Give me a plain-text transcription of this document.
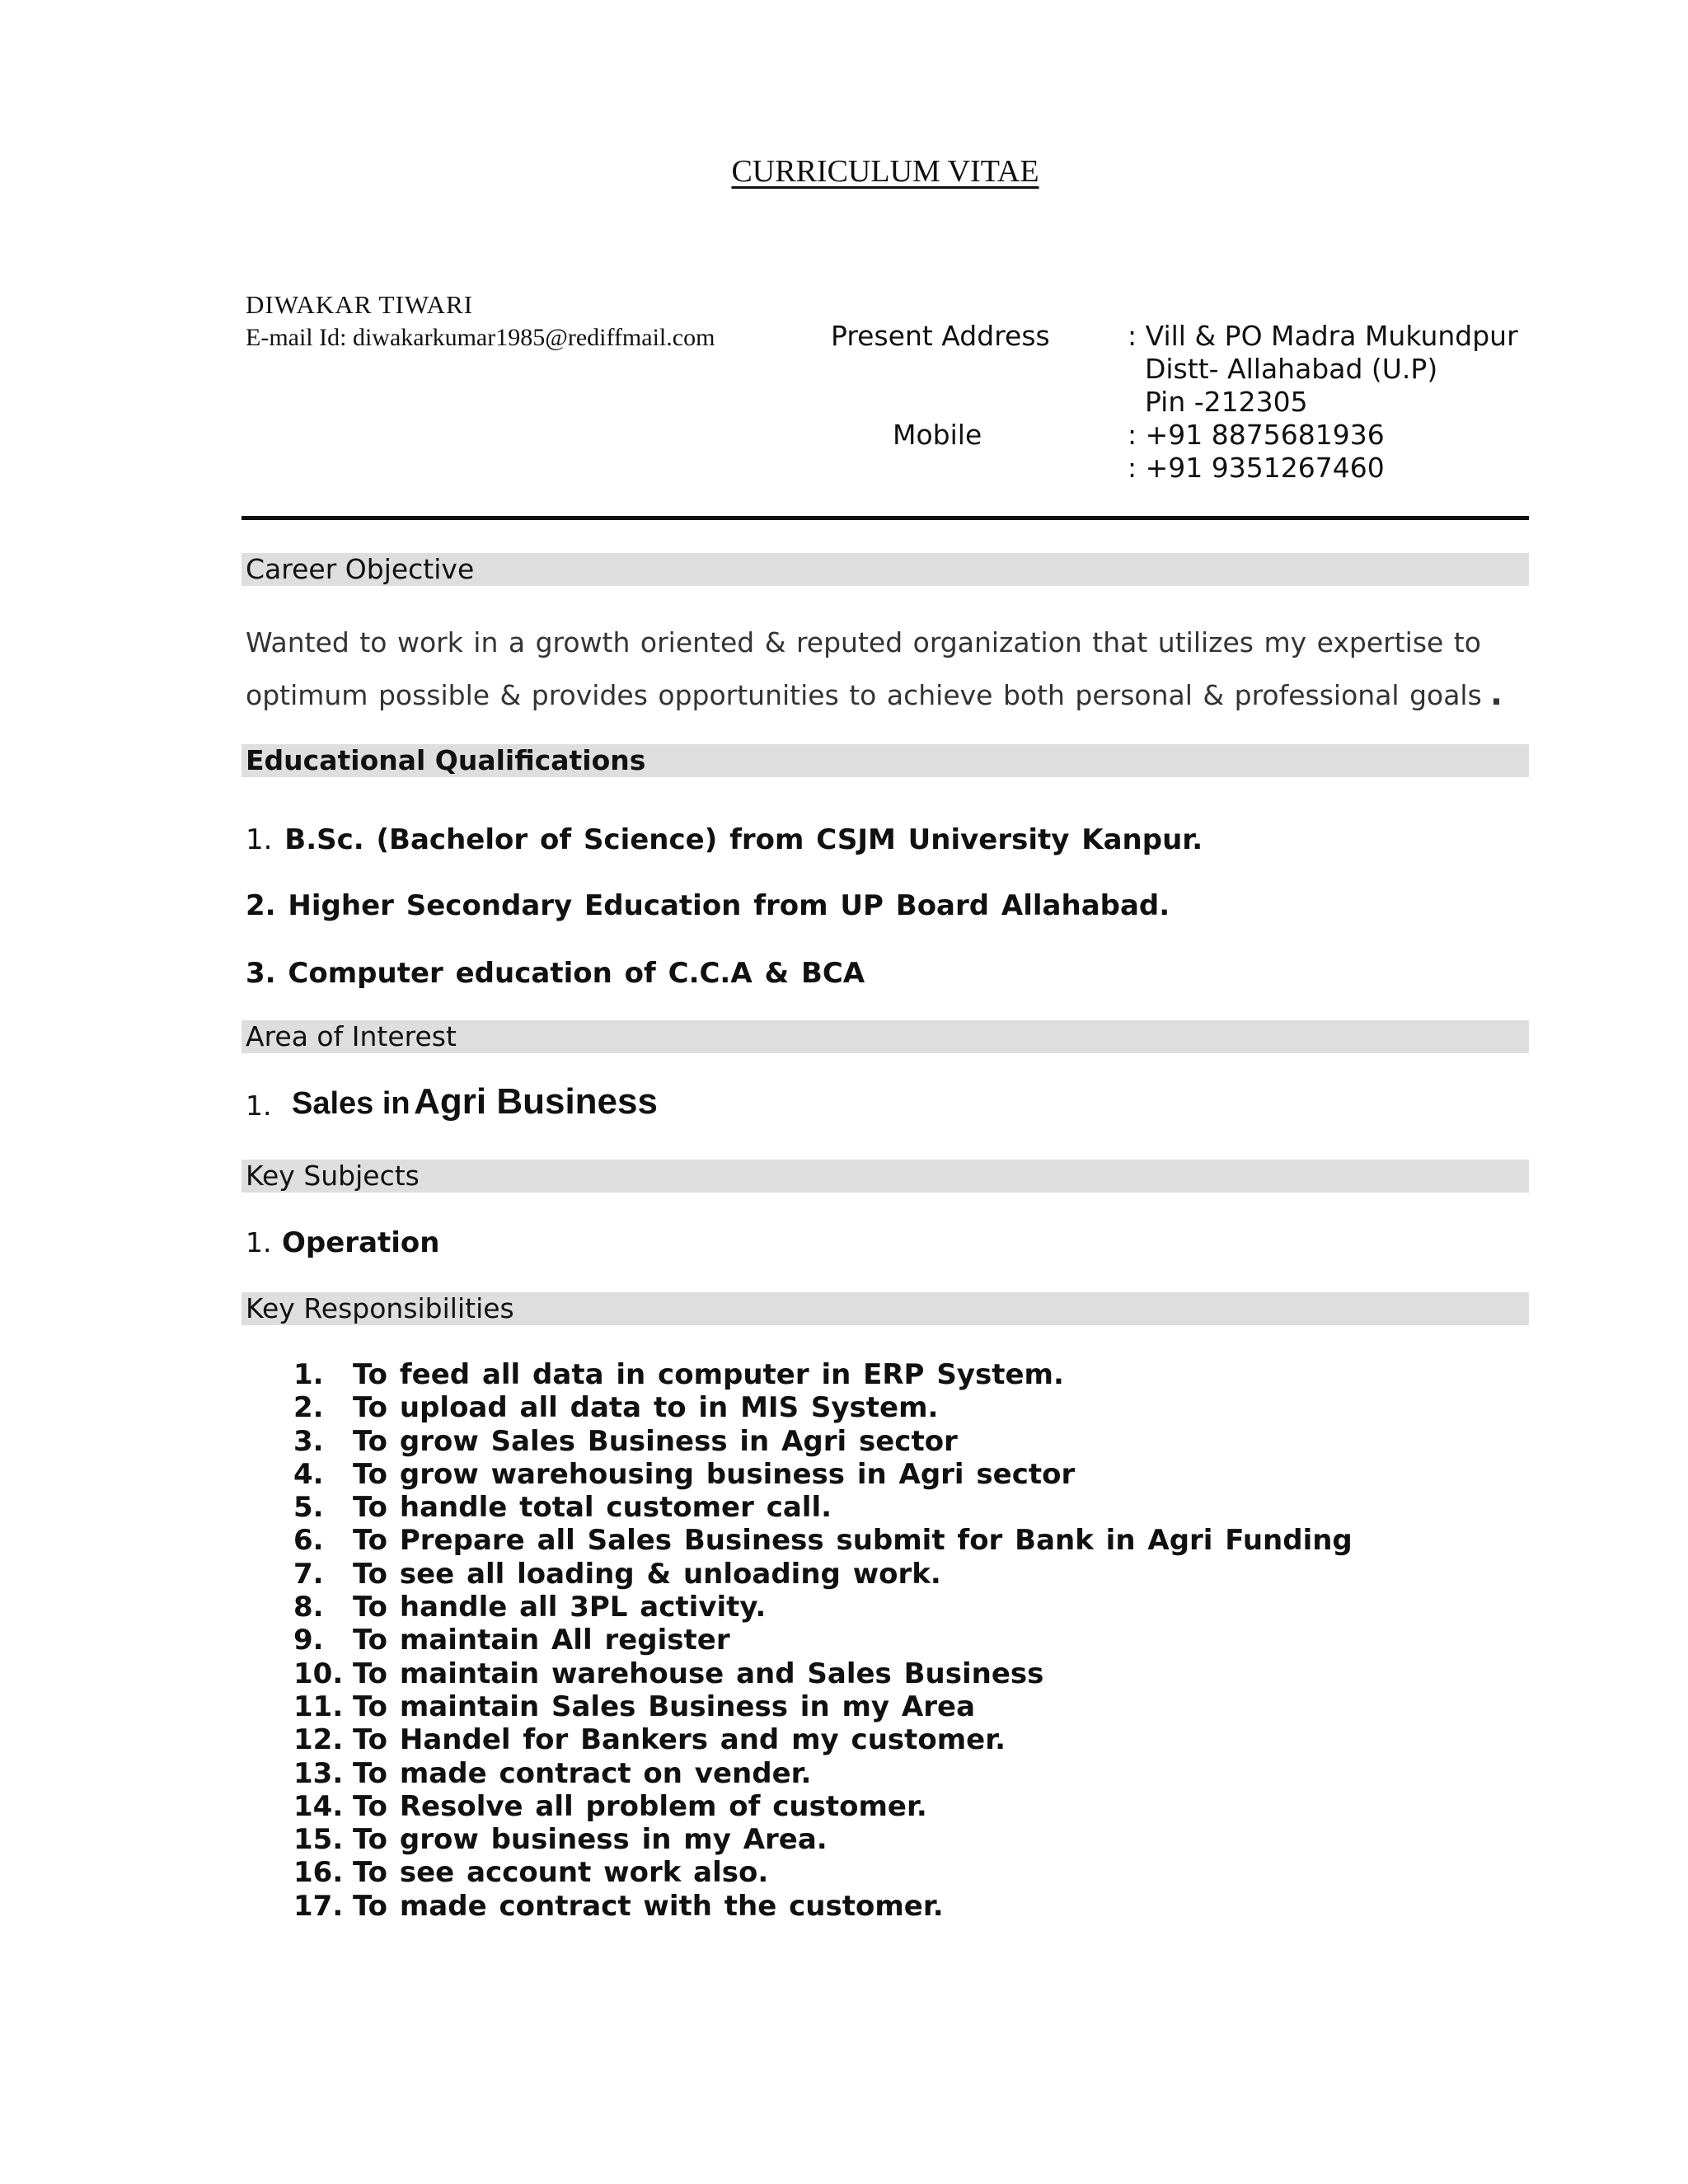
CURRICULUM VITAE
DIWAKAR TIWARI
E-mail Id: diwakarkumar1985@rediffmail.com	Present Address	: Vill & PO Madra Mukundpur
Distt- Allahabad (U.P)
Pin -212305
Mobile	: +91 8875681936
: +91 9351267460
Career Objective
Wanted to work in a growth oriented & reputed organization that utilizes my expertise to
optimum possible & provides opportunities to achieve both personal & professional goals .
Educational Qualifications
1. B.Sc. (Bachelor of Science) from CSJM University Kanpur.
2. Higher Secondary Education from UP Board Allahabad.
3. Computer education of C.C.A & BCA
Area of Interest
1. Sales in Agri Business
Key Subjects
1. Operation
Key Responsibilities
1. To feed all data in computer in ERP System.
2. To upload all data to in MIS System.
3. To grow Sales Business in Agri sector
4. To grow warehousing business in Agri sector
5. To handle total customer call.
6. To Prepare all Sales Business submit for Bank in Agri Funding
7. To see all loading & unloading work.
8. To handle all 3PL activity.
9. To maintain All register
10. To maintain warehouse and Sales Business
11. To maintain Sales Business in my Area
12. To Handel for Bankers and my customer.
13. To made contract on vender.
14. To Resolve all problem of customer.
15. To grow business in my Area.
16. To see account work also.
17. To made contract with the customer.
